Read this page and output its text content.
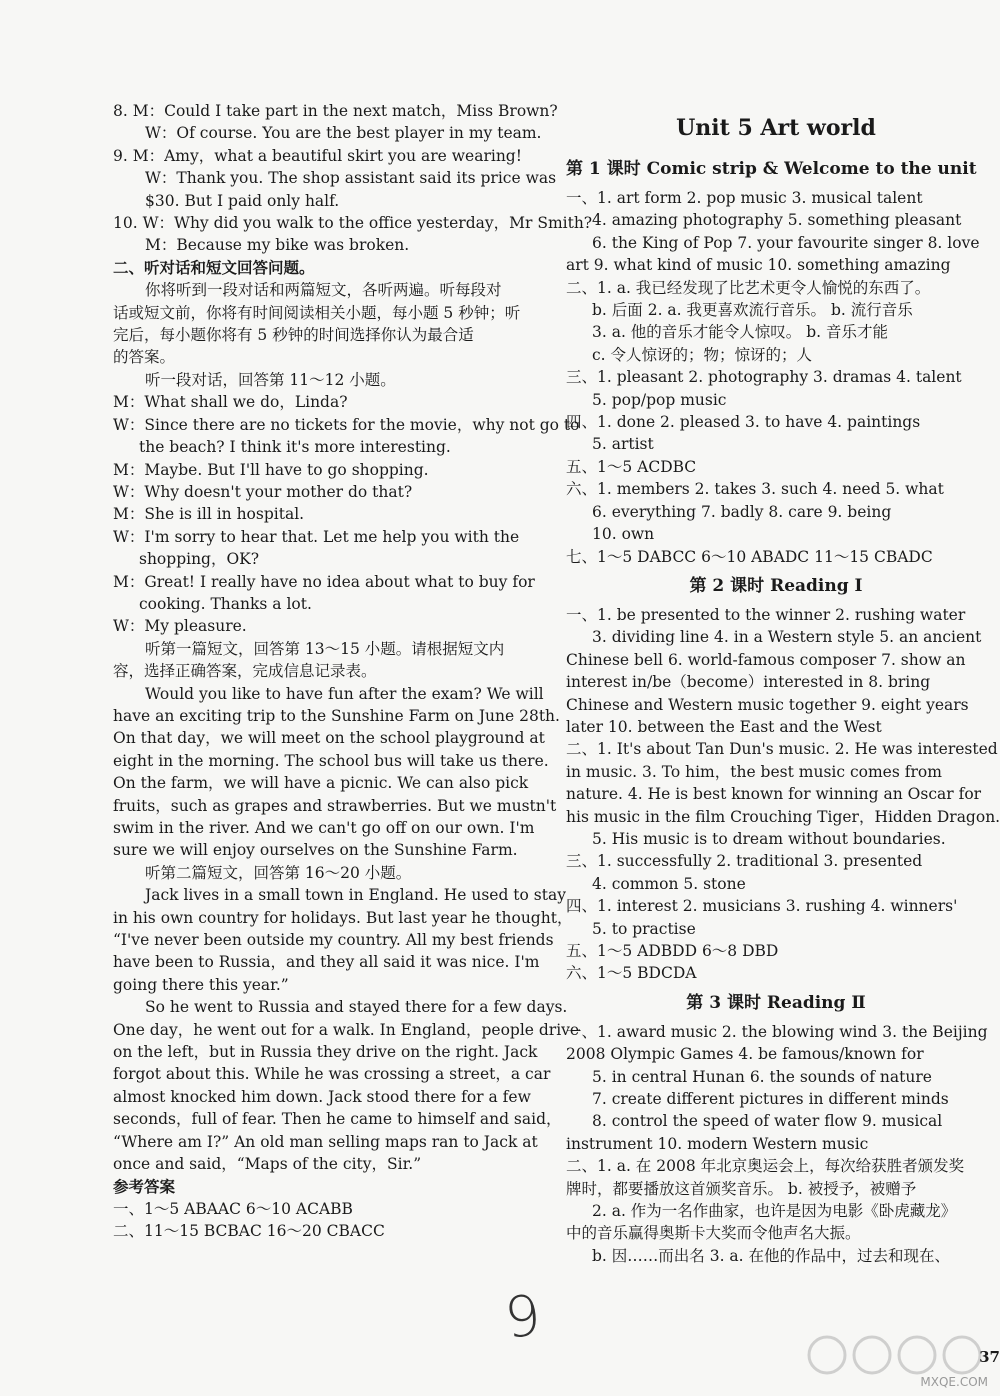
8. M：Could I take part in the next match，Miss Brown?
W：Of course. You are the best player in my team.
9. M：Amy，what a beautiful skirt you are wearing!
W：Thank you. The shop assistant said its price was
$30. But I paid only half.
10. W：Why did you walk to the office yesterday，Mr Smith?
M：Because my bike was broken.
二、听对话和短文回答问题。
你将听到一段对话和两篇短文，各听两遍。听每段对
话或短文前，你将有时间阅读相关小题，每小题 5 秒钟；听
完后，每小题你将有 5 秒钟的时间选择你认为最合适
的答案。
听一段对话，回答第 11～12 小题。
M：What shall we do，Linda?
W：Since there are no tickets for the movie，why not go to
the beach? I think it's more interesting.
M：Maybe. But I'll have to go shopping.
W：Why doesn't your mother do that?
M：She is ill in hospital.
W：I'm sorry to hear that. Let me help you with the
shopping，OK?
M：Great! I really have no idea about what to buy for
cooking. Thanks a lot.
W：My pleasure.
听第一篇短文，回答第 13～15 小题。请根据短文内
容，选择正确答案，完成信息记录表。
Would you like to have fun after the exam? We will
have an exciting trip to the Sunshine Farm on June 28th.
On that day，we will meet on the school playground at
eight in the morning. The school bus will take us there.
On the farm，we will have a picnic. We can also pick
fruits，such as grapes and strawberries. But we mustn't
swim in the river. And we can't go off on our own. I'm
sure we will enjoy ourselves on the Sunshine Farm.
听第二篇短文，回答第 16～20 小题。
Jack lives in a small town in England. He used to stay
in his own country for holidays. But last year he thought，
“I've never been outside my country. All my best friends
have been to Russia，and they all said it was nice. I'm
going there this year.”
So he went to Russia and stayed there for a few days.
One day，he went out for a walk. In England，people drive
on the left，but in Russia they drive on the right. Jack
forgot about this. While he was crossing a street，a car
almost knocked him down. Jack stood there for a few
seconds，full of fear. Then he came to himself and said，
“Where am I?” An old man selling maps ran to Jack at
once and said，“Maps of the city，Sir.”
参考答案
一、1～5 ABAAC 6～10 ACABB
二、11～15 BCBAC 16～20 CBACC
Unit 5 Art world
第 1 课时 Comic strip & Welcome to the unit
一、1. art form 2. pop music 3. musical talent
4. amazing photography 5. something pleasant
6. the King of Pop 7. your favourite singer 8. love
art 9. what kind of music 10. something amazing
二、1. a. 我已经发现了比艺术更令人愉悦的东西了。
b. 后面 2. a. 我更喜欢流行音乐。 b. 流行音乐
3. a. 他的音乐才能令人惊叹。 b. 音乐才能
c. 令人惊讶的；物；惊讶的；人
三、1. pleasant 2. photography 3. dramas 4. talent
5. pop/pop music
四、1. done 2. pleased 3. to have 4. paintings
5. artist
五、1～5 ACDBC
六、1. members 2. takes 3. such 4. need 5. what
6. everything 7. badly 8. care 9. being
10. own
七、1～5 DABCC 6～10 ABADC 11～15 CBADC
第 2 课时 Reading Ⅰ
一、1. be presented to the winner 2. rushing water
3. dividing line 4. in a Western style 5. an ancient
Chinese bell 6. world-famous composer 7. show an
interest in/be（become）interested in 8. bring
Chinese and Western music together 9. eight years
later 10. between the East and the West
二、1. It's about Tan Dun's music. 2. He was interested
in music. 3. To him，the best music comes from
nature. 4. He is best known for winning an Oscar for
his music in the film Crouching Tiger，Hidden Dragon.
5. His music is to dream without boundaries.
三、1. successfully 2. traditional 3. presented
4. common 5. stone
四、1. interest 2. musicians 3. rushing 4. winners'
5. to practise
五、1～5 ADBDD 6～8 DBD
六、1～5 BDCDA
第 3 课时 Reading Ⅱ
一、1. award music 2. the blowing wind 3. the Beijing
2008 Olympic Games 4. be famous/known for
5. in central Hunan 6. the sounds of nature
7. create different pictures in different minds
8. control the speed of water flow 9. musical
instrument 10. modern Western music
二、1. a. 在 2008 年北京奥运会上，每次给获胜者颁发奖
牌时，都要播放这首颁奖音乐。 b. 被授予，被赠予
2. a. 作为一名作曲家，也许是因为电影《卧虎藏龙》
中的音乐赢得奥斯卡大奖而令他声名大振。
b. 因……而出名 3. a. 在他的作品中，过去和现在、
9
37
MXQE.COM
